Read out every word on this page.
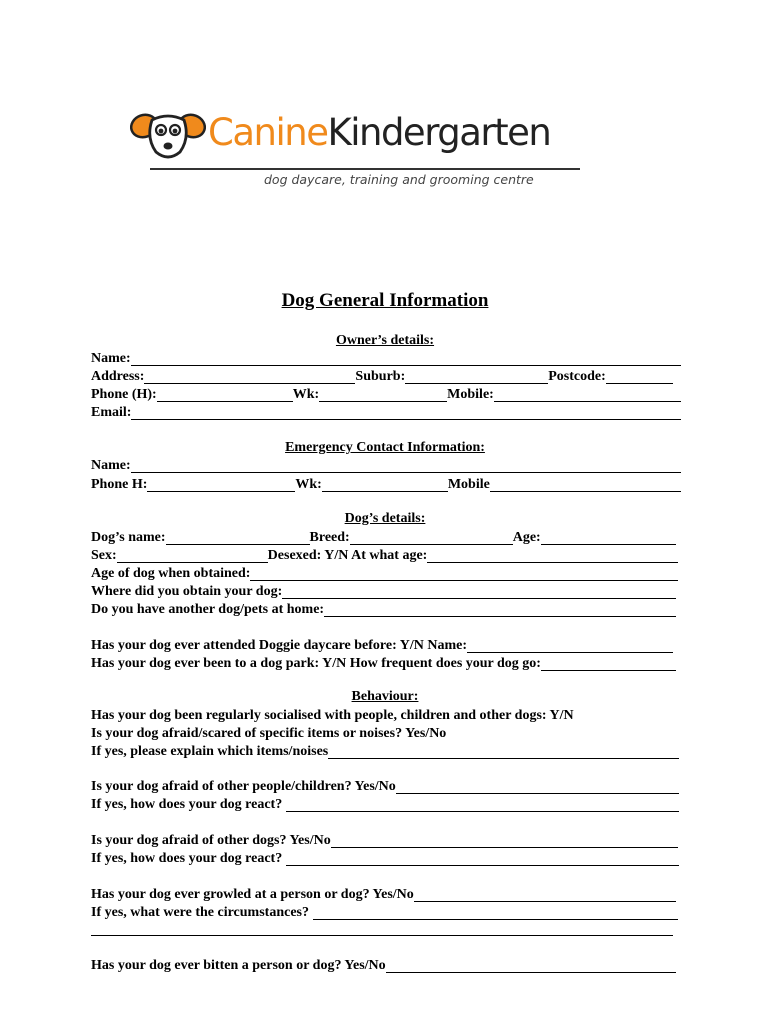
CanineKindergarten
dog daycare, training and grooming centre
Dog General Information
Owner’s details:
Name:
Address:	Suburb:	Postcode:
Phone (H):	Wk:	Mobile:
Email:
Emergency Contact Information:
Name:
Phone H:	Wk:	Mobile
Dog’s details:
Dog’s name:	Breed:	Age:
Sex:	Desexed: Y/N At what age:
Age of dog when obtained:
Where did you obtain your dog:
Do you have another dog/pets at home:
Has your dog ever attended Doggie daycare before: Y/N Name:
Has your dog ever been to a dog park: Y/N How frequent does your dog go:
Behaviour:
Has your dog been regularly socialised with people, children and other dogs: Y/N
Is your dog afraid/scared of specific items or noises? Yes/No
If yes, please explain which items/noises
Is your dog afraid of other people/children? Yes/No
If yes, how does your dog react?
Is your dog afraid of other dogs? Yes/No
If yes, how does your dog react?
Has your dog ever growled at a person or dog? Yes/No
If yes, what were the circumstances?
Has your dog ever bitten a person or dog? Yes/No
